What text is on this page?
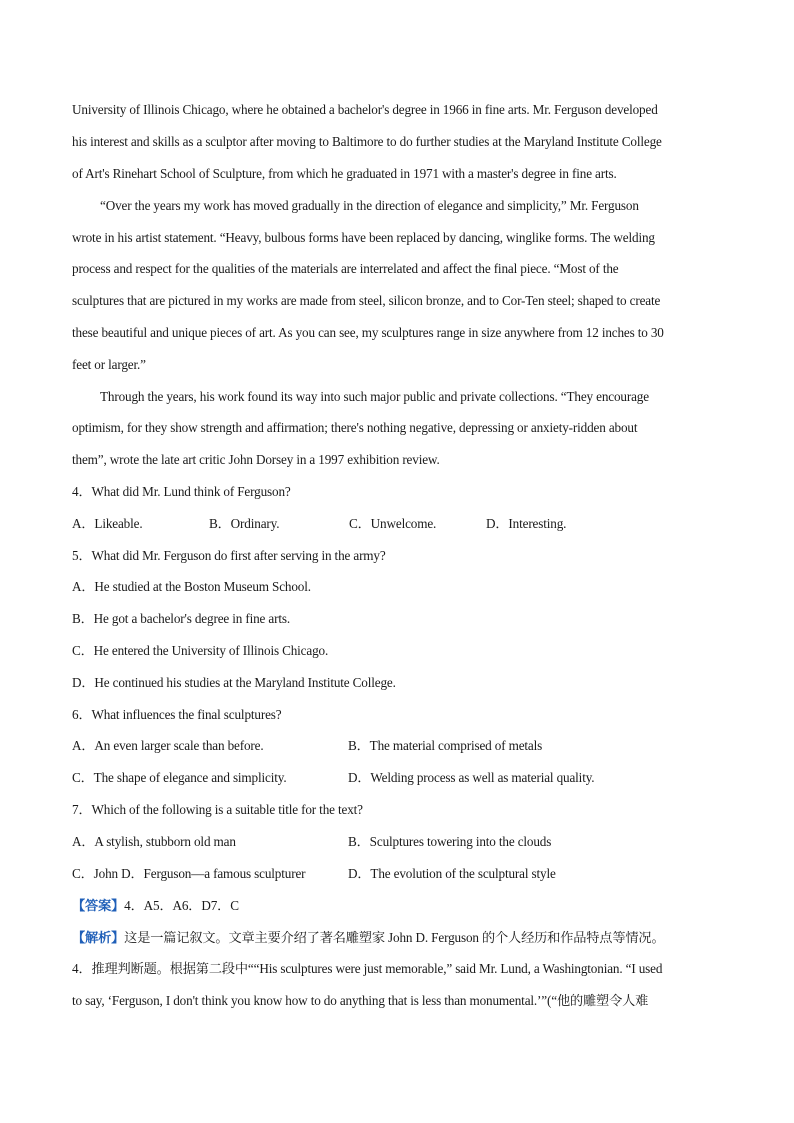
University of Illinois Chicago, where he obtained a bachelor's degree in 1966 in fine arts. Mr. Ferguson developed
his interest and skills as a sculptor after moving to Baltimore to do further studies at the Maryland Institute College
of Art's Rinehart School of Sculpture, from which he graduated in 1971 with a master's degree in fine arts.
“Over the years my work has moved gradually in the direction of elegance and simplicity,” Mr. Ferguson
wrote in his artist statement. “Heavy, bulbous forms have been replaced by dancing, winglike forms. The welding
process and respect for the qualities of the materials are interrelated and affect the final piece. “Most of the
sculptures that are pictured in my works are made from steel, silicon bronze, and to Cor-Ten steel; shaped to create
these beautiful and unique pieces of art. As you can see, my sculptures range in size anywhere from 12 inches to 30
feet or larger.”
Through the years, his work found its way into such major public and private collections. “They encourage
optimism, for they show strength and affirmation; there's nothing negative, depressing or anxiety-ridden about
them”, wrote the late art critic John Dorsey in a 1997 exhibition review.
4．What did Mr. Lund think of Ferguson?
A．Likeable.	B．Ordinary.	C．Unwelcome.	D．Interesting.
5．What did Mr. Ferguson do first after serving in the army?
A．He studied at the Boston Museum School.
B．He got a bachelor's degree in fine arts.
C．He entered the University of Illinois Chicago.
D．He continued his studies at the Maryland Institute College.
6．What influences the final sculptures?
A．An even larger scale than before.	B．The material comprised of metals
C．The shape of elegance and simplicity.	D．Welding process as well as material quality.
7．Which of the following is a suitable title for the text?
A．A stylish, stubborn old man	B．Sculptures towering into the clouds
C．John D．Ferguson—a famous sculpturer	D．The evolution of the sculptural style
【答案】4．A5．A6．D7．C
【解析】这是一篇记叙文。文章主要介绍了著名雕塑家 John D. Ferguson 的个人经历和作品特点等情况。
4．推理判断题。根据第二段中““His sculptures were just memorable,” said Mr. Lund, a Washingtonian. “I used
to say, ‘Ferguson, I don't think you know how to do anything that is less than monumental.’”(“他的雕塑令人难
